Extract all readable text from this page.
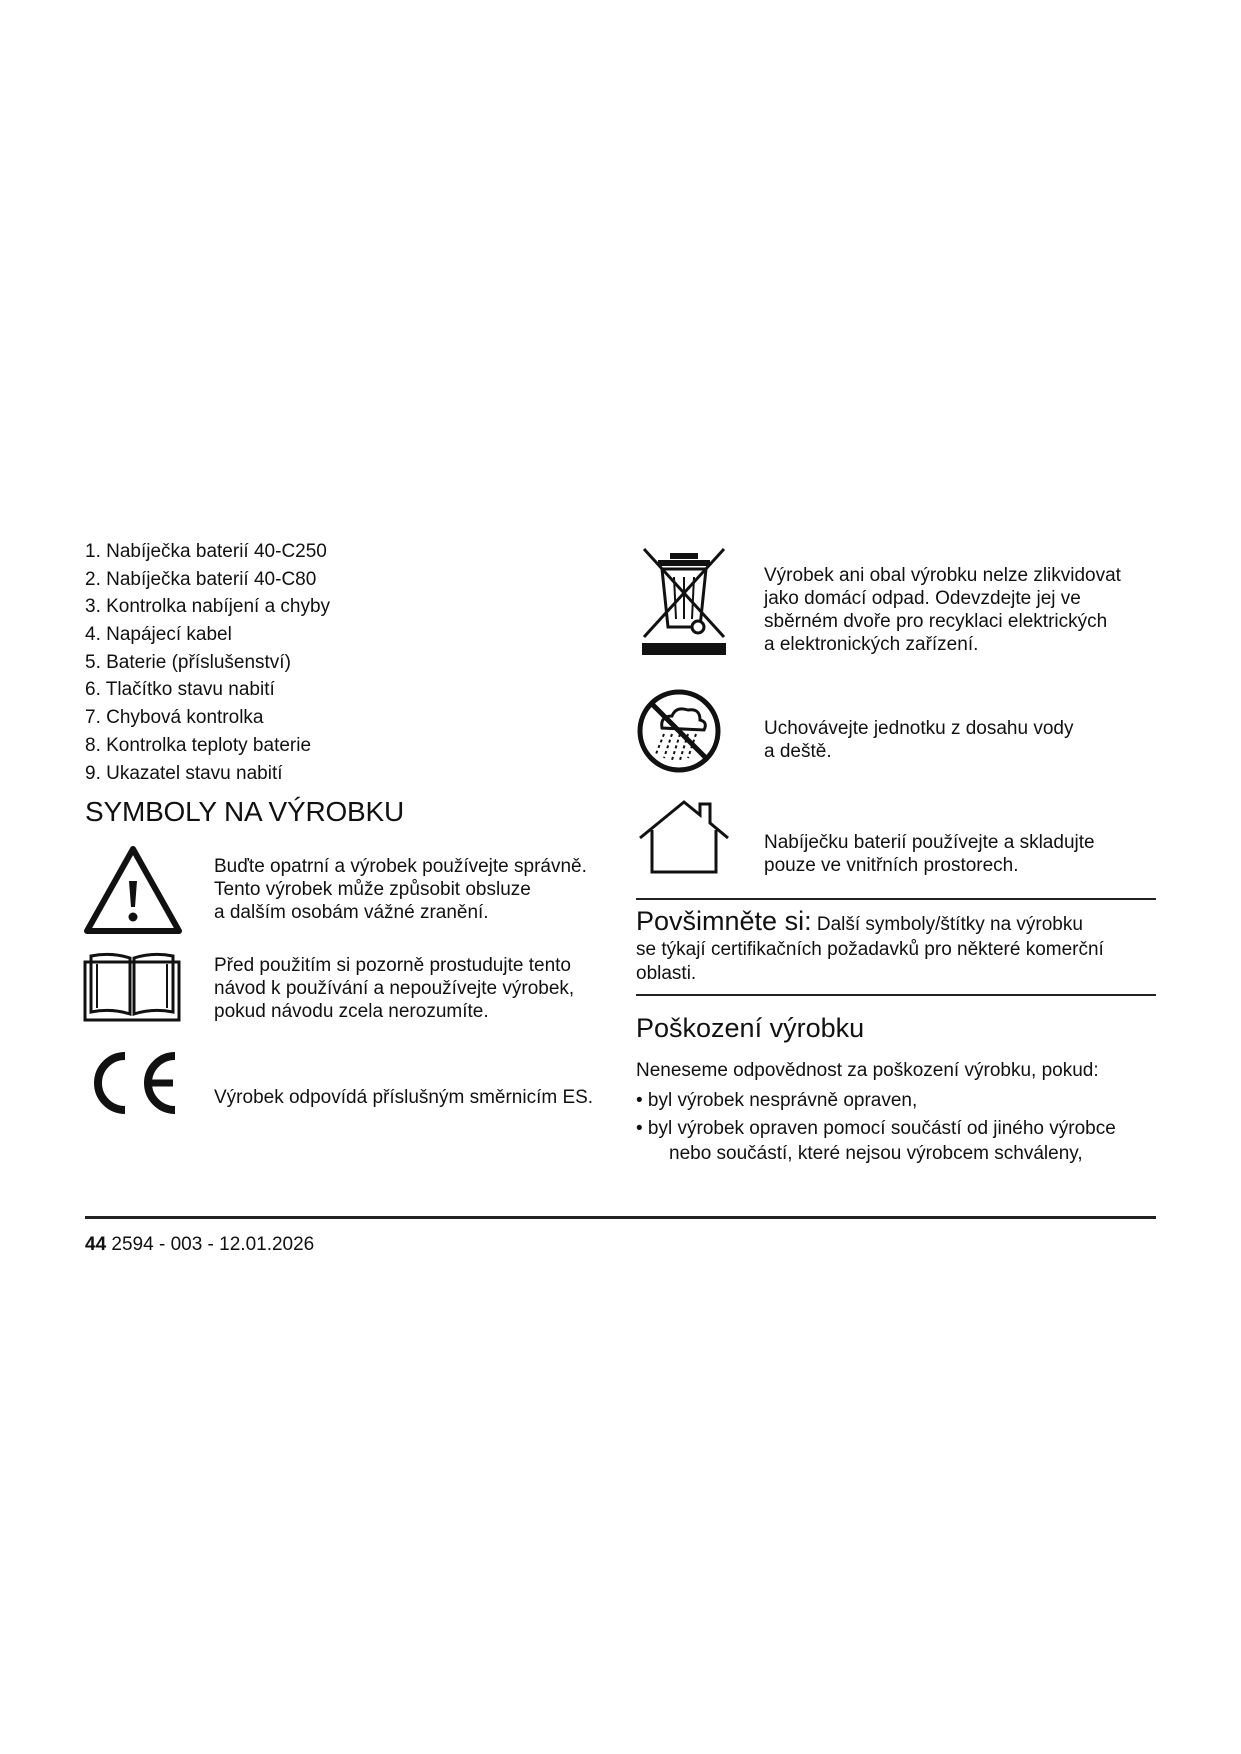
1. Nabíječka baterií 40-C250
2. Nabíječka baterií 40-C80
3. Kontrolka nabíjení a chyby
4. Napájecí kabel
5. Baterie (příslušenství)
6. Tlačítko stavu nabití
7. Chybová kontrolka
8. Kontrolka teploty baterie
9. Ukazatel stavu nabití
SYMBOLY NA VÝROBKU
Buďte opatrní a výrobek používejte správně.
Tento výrobek může způsobit obsluze
a dalším osobám vážné zranění.
Před použitím si pozorně prostudujte tento
návod k používání a nepoužívejte výrobek,
pokud návodu zcela nerozumíte.
Výrobek odpovídá příslušným směrnicím ES.
Výrobek ani obal výrobku nelze zlikvidovat
jako domácí odpad. Odevzdejte jej ve
sběrném dvoře pro recyklaci elektrických
a elektronických zařízení.
Uchovávejte jednotku z dosahu vody
a deště.
Nabíječku baterií používejte a skladujte
pouze ve vnitřních prostorech.
Povšimněte si: Další symboly/štítky na výrobku
se týkají certifikačních požadavků pro některé komerční
oblasti.
Poškození výrobku
Neneseme odpovědnost za poškození výrobku, pokud:
• byl výrobek nesprávně opraven,
• byl výrobek opraven pomocí součástí od jiného výrobce
nebo součástí, které nejsou výrobcem schváleny,
44 2594 - 003 - 12.01.2026
